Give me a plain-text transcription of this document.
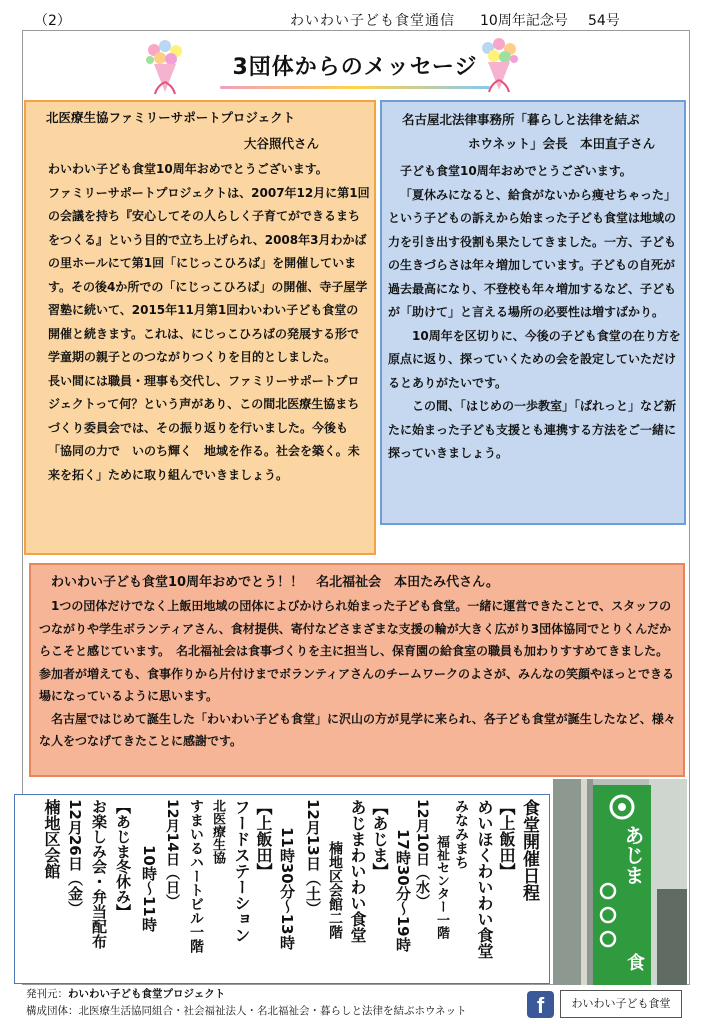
（2）	わいわい子ども食堂通信 10周年記念号 54号
3団体からのメッセージ
北医療生協ファミリーサポートプロジェクト
大谷照代さん

わいわい子ども食堂10周年おめでとうございます。

ファミリーサポートプロジェクトは、2007年12月に第1回の会議を持ち『安心してその人らしく子育てができるまちをつくる』という目的で立ち上げられ、2008年3月わかばの里ホールにて第1回「にじっこひろば」を開催しています。その後4か所での「にじっこひろば」の開催、寺子屋学習塾に続いて、2015年11月第1回わいわい子ども食堂の開催と続きます。これは、にじっこひろばの発展する形で学童期の親子とのつながりつくりを目的としました。

長い間には職員・理事も交代し、ファミリーサポートプロジェクトって何？という声があり、この間北医療生協まちづくり委員会では、その振り返りを行いました。今後も「協同の力で　いのち輝く　地域を作る。社会を築く。未来を拓く」ために取り組んでいきましょう。

名古屋北法律事務所「暮らしと法律を結ぶ
ホウネット」会長　本田直子さん

子ども食堂10周年おめでとうございます。

「夏休みになると、給食がないから痩せちゃった」という子どもの訴えから始まった子ども食堂は地域の力を引き出す役割も果たしてきました。一方、子どもの生きづらさは年々増加しています。子どもの自死が過去最高になり、不登校も年々増加するなど、子どもが「助けて」と言える場所の必要性は増すばかり。

10周年を区切りに、今後の子ども食堂の在り方を原点に返り、探っていくための会を設定していただけるとありがたいです。

この間、「はじめの一歩教室」「ぱれっと」など新たに始まった子ども支援とも連携する方法をご一緒に探っていきましょう。

わいわい子ども食堂10周年おめでとう！！　名北福祉会　本田たみ代さん。

1つの団体だけでなく上飯田地域の団体によびかけられ始まった子ども食堂。一緒に運営できたことで、スタッフのつながりや学生ボランティアさん、食材提供、寄付などさまざまな支援の輪が大きく広がり3団体協同でとりくんだからこそと感じています。　名北福祉会は食事づくりを主に担当し、保育園の給食室の職員も加わりすすめてきました。参加者が増えても、食事作りから片付けまでボランティアさんのチームワークのよさが、みんなの笑顔やほっとできる場になっているように思います。

名古屋ではじめて誕生した「わいわい子ども食堂」に沢山の方が見学に来られ、各子ども食堂が誕生したなど、様々な人をつなげてきたことに感謝です。

食堂開催日程
【上飯田】
めいほくわいわい食堂
みなみまち
福祉センター一階
12月10日（水）
17時30分～19時
【あじま】
あじまわいわい食堂
楠地区会館二階
12月13日（土）
11時30分～13時
【上飯田】
フードステーション
北医療生協
すまいるハートビル一階
12月14日（日）
10時～11時
【あじま冬休み】
お楽しみ会・弁当配布
12月26日（金）
楠地区会館	あじま
食
発刊元：わいわい子ども食堂プロジェクト
構成団体：北医療生活協同組合・社会福祉法人・名北福祉会・暮らしと法律を結ぶホウネット	f	わいわい子ども食堂
